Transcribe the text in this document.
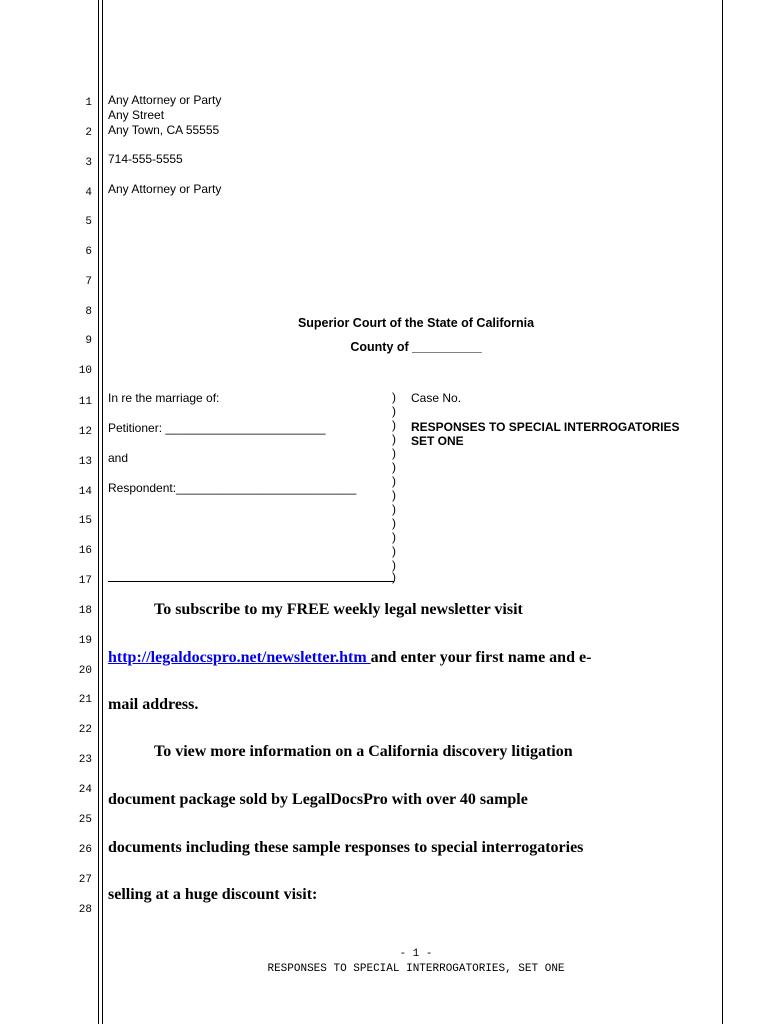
1
2
3
4
5
6
7
8
9
10
11
12
13
14
15
16
17
18
19
20
21
22
23
24
25
26
27
28
Any Attorney or Party
Any Street
Any Town, CA 55555
714-555-5555
Any Attorney or Party
Superior Court of the State of California
County of __________
In re the marriage of:
Petitioner: ________________________
and
Respondent:___________________________
)
)
)
)
)
)
)
)
)
)
)
)
)
)
Case No.
RESPONSES TO SPECIAL INTERROGATORIES
SET ONE
To subscribe to my FREE weekly legal newsletter visit
http://legaldocspro.net/newsletter.htm and enter your first name and e-
mail address.
To view more information on a California discovery litigation
document package sold by LegalDocsPro with over 40 sample
documents including these sample responses to special interrogatories
selling at a huge discount visit:
- 1 -
RESPONSES TO SPECIAL INTERROGATORIES, SET ONE
